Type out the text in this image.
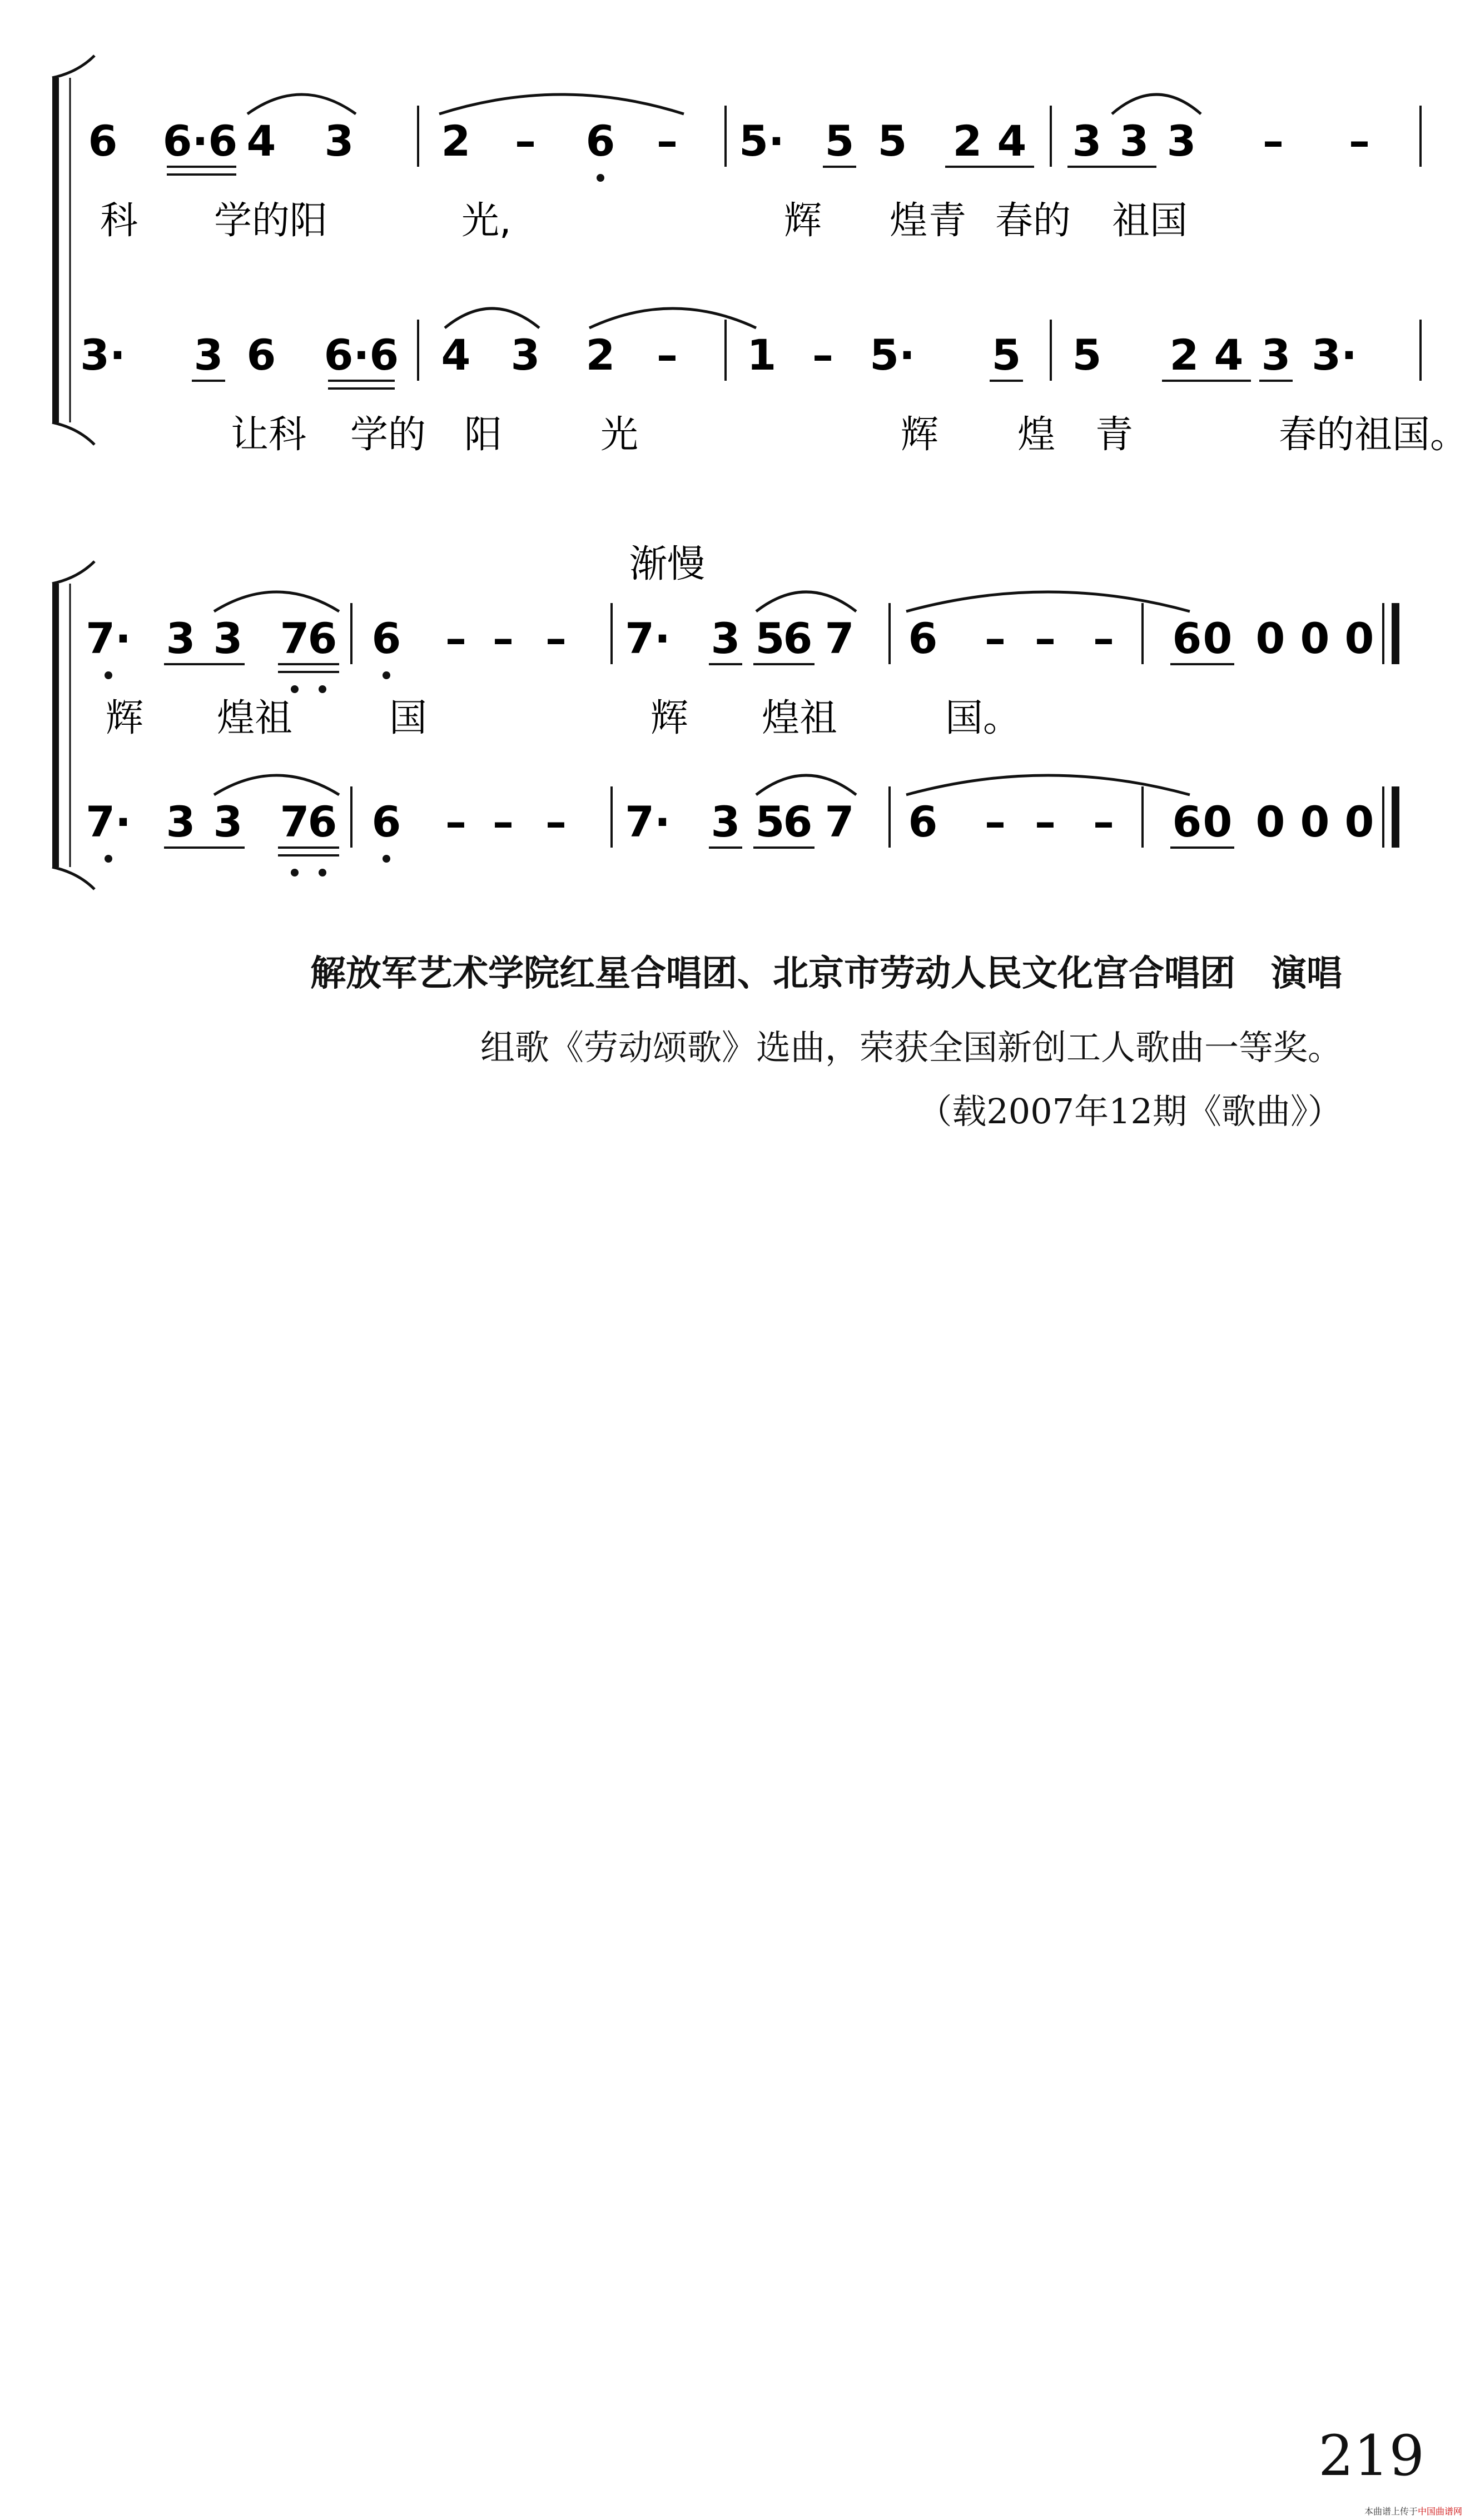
6 6·6 4 3 2 – 6 – 5· 5 5 2 4 3 3 3 – –
科 学的阳	光,	辉 煌 青 春的 祖国
3· 3 6 6·6 4 3 2 – 1 – 5· 5 5 2 4 3 3·
让科 学的 阳	光	辉 煌 青	春的祖国。
7· 3 3 7
6 6 – – – 7· 3 5
6 7 6 – – – 6 0 0 0 0
辉 煌祖	国	辉 煌祖	国。
7· 3 3 7
6 6 – – – 7· 3 5
6 7 6 – – – 6 0 0 0 0
渐慢
解放军艺术学院红星合唱团、北京市劳动人民文化宫合唱团　演唱
组歌《劳动颂歌》选曲，荣获全国新创工人歌曲一等奖。
（载2007年12期《歌曲》）
219
本曲谱上传于中国曲谱网
